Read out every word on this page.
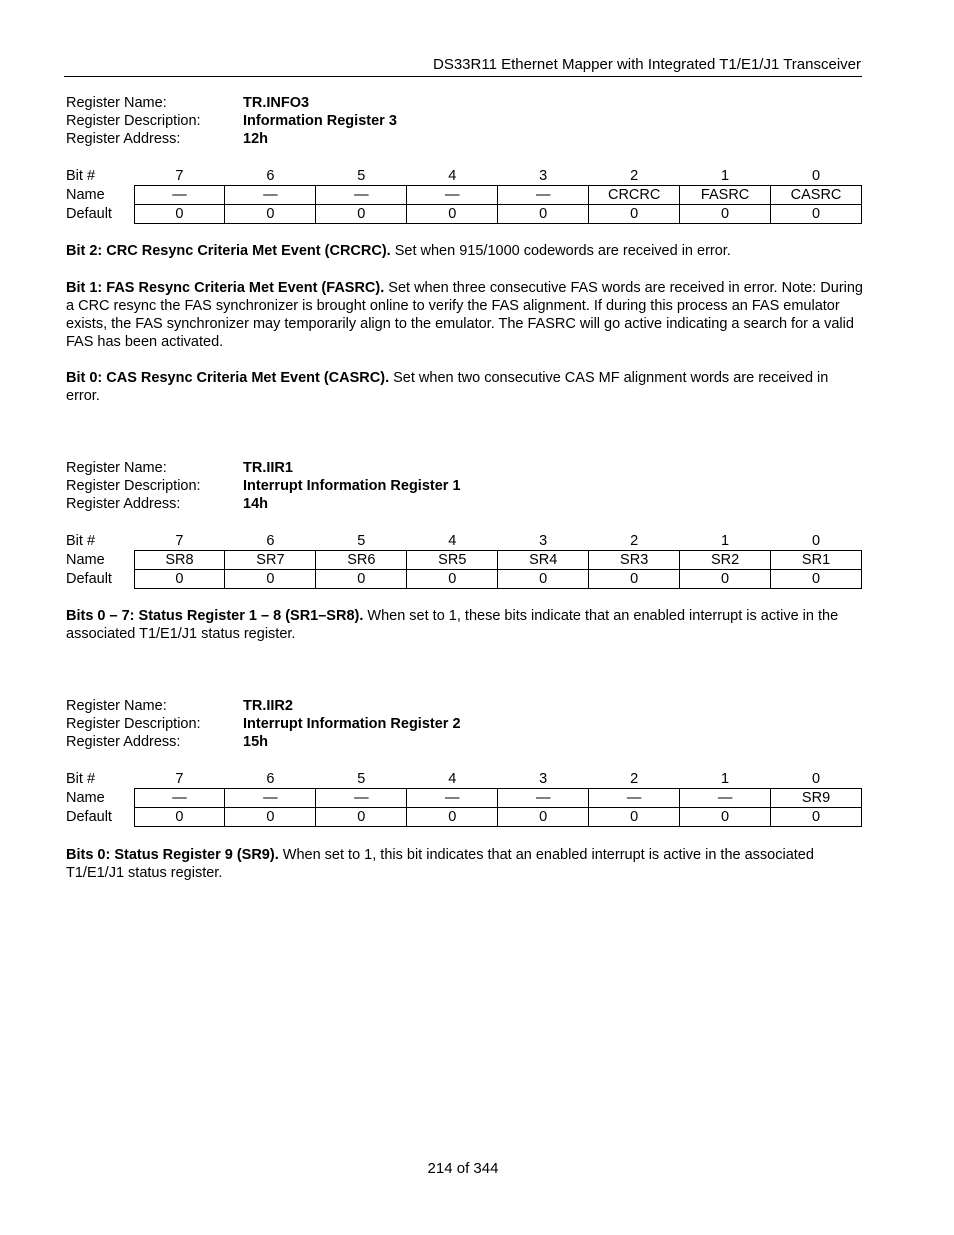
DS33R11 Ethernet Mapper with Integrated T1/E1/J1 Transceiver
Register Name:	TR.INFO3
Register Description:	Information Register 3
Register Address:	12h
Bit #	7	6	5	4	3	2	1	0
Name	—	—	—	—	—	CRCRC	FASRC	CASRC
Default	0	0	0	0	0	0	0	0
Bit 2: CRC Resync Criteria Met Event (CRCRC). Set when 915/1000 codewords are received in error.
Bit 1: FAS Resync Criteria Met Event (FASRC). Set when three consecutive FAS words are received in error. Note: During a CRC resync the FAS synchronizer is brought online to verify the FAS alignment. If during this process an FAS emulator exists, the FAS synchronizer may temporarily align to the emulator. The FASRC will go active indicating a search for a valid FAS has been activated.
Bit 0: CAS Resync Criteria Met Event (CASRC). Set when two consecutive CAS MF alignment words are received in error.
Register Name:	TR.IIR1
Register Description:	Interrupt Information Register 1
Register Address:	14h
Bit #	7	6	5	4	3	2	1	0
Name	SR8	SR7	SR6	SR5	SR4	SR3	SR2	SR1
Default	0	0	0	0	0	0	0	0
Bits 0 – 7: Status Register 1 – 8 (SR1–SR8). When set to 1, these bits indicate that an enabled interrupt is active in the associated T1/E1/J1 status register.
Register Name:	TR.IIR2
Register Description:	Interrupt Information Register 2
Register Address:	15h
Bit #	7	6	5	4	3	2	1	0
Name	—	—	—	—	—	—	—	SR9
Default	0	0	0	0	0	0	0	0
Bits 0: Status Register 9 (SR9). When set to 1, this bit indicates that an enabled interrupt is active in the associated T1/E1/J1 status register.
214 of 344
